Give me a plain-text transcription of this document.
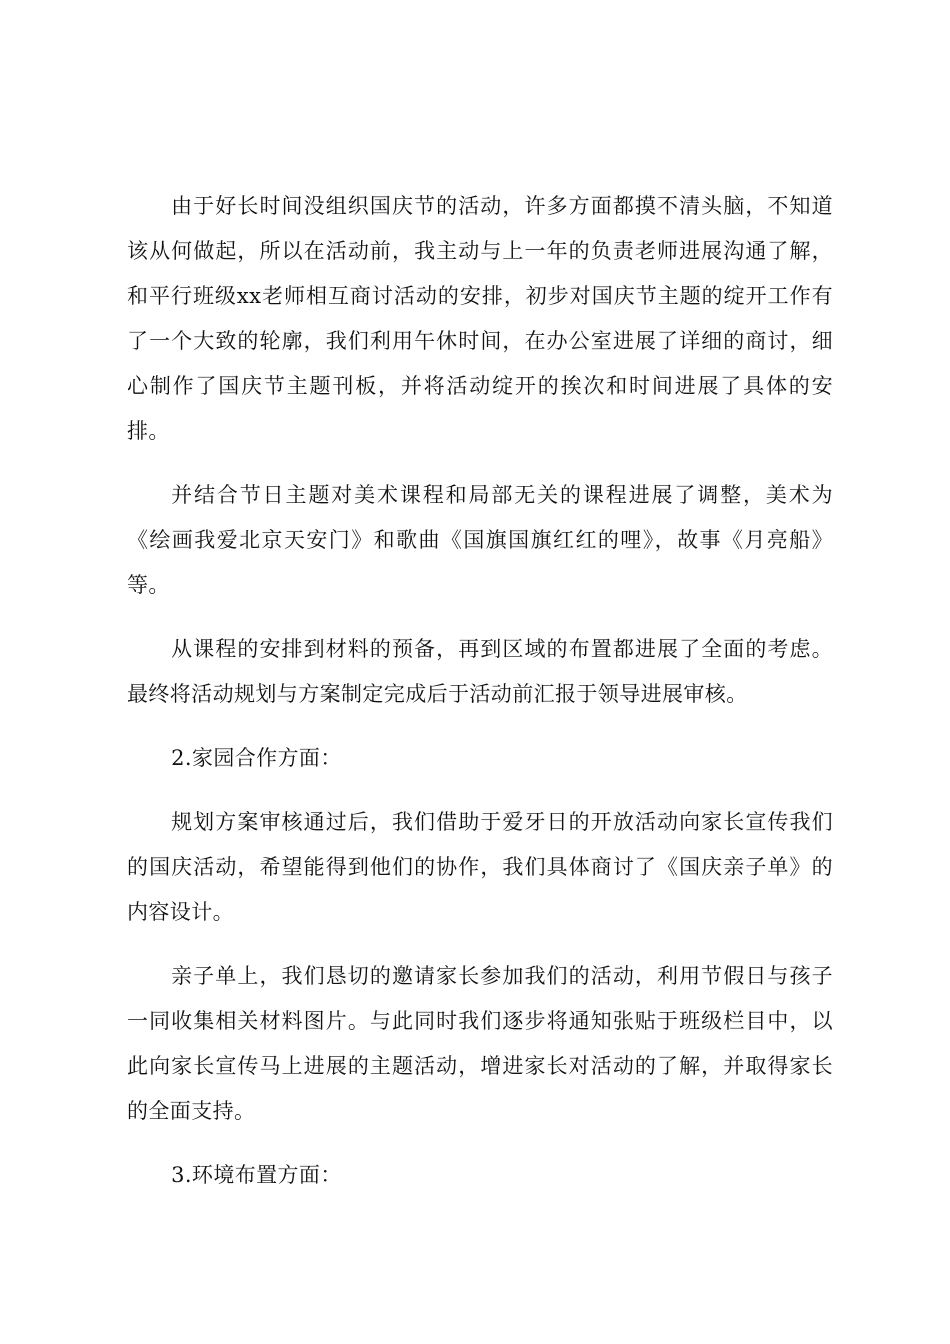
由于好长时间没组织国庆节的活动，许多方面都摸不清头脑，不知道该从何做起，所以在活动前，我主动与上一年的负责老师进展沟通了解，和平行班级xx老师相互商讨活动的安排，初步对国庆节主题的绽开工作有了一个大致的轮廓，我们利用午休时间，在办公室进展了详细的商讨，细心制作了国庆节主题刊板，并将活动绽开的挨次和时间进展了具体的安排。

并结合节日主题对美术课程和局部无关的课程进展了调整，美术为《绘画我爱北京天安门》和歌曲《国旗国旗红红的哩》，故事《月亮船》等。

从课程的安排到材料的预备，再到区域的布置都进展了全面的考虑。最终将活动规划与方案制定完成后于活动前汇报于领导进展审核。

2.家园合作方面：

规划方案审核通过后，我们借助于爱牙日的开放活动向家长宣传我们的国庆活动，希望能得到他们的协作，我们具体商讨了《国庆亲子单》的内容设计。

亲子单上，我们恳切的邀请家长参加我们的活动，利用节假日与孩子一同收集相关材料图片。与此同时我们逐步将通知张贴于班级栏目中，以此向家长宣传马上进展的主题活动，增进家长对活动的了解，并取得家长的全面支持。

3.环境布置方面：
